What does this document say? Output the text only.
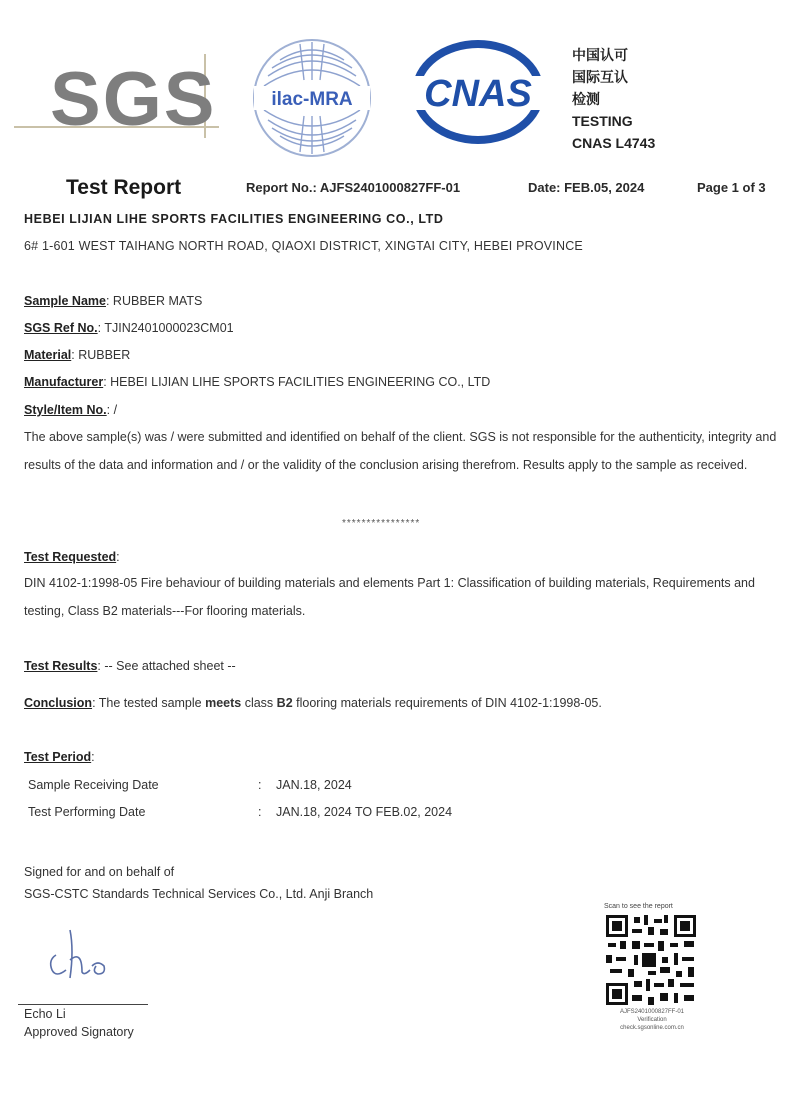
SGS	ilac-MRA CNAS
中国认可
国际互认
检测
TESTING
CNAS L4743
Test Report	Report No.: AJFS2401000827FF-01	Date: FEB.05, 2024	Page 1 of 3
HEBEI LIJIAN LIHE SPORTS FACILITIES ENGINEERING CO., LTD
6# 1-601 WEST TAIHANG NORTH ROAD, QIAOXI DISTRICT, XINGTAI CITY, HEBEI PROVINCE
Sample Name: RUBBER MATS
SGS Ref No.: TJIN2401000023CM01
Material: RUBBER
Manufacturer: HEBEI LIJIAN LIHE SPORTS FACILITIES ENGINEERING CO., LTD
Style/Item No.: /
The above sample(s) was / were submitted and identified on behalf of the client. SGS is not responsible for the authenticity, integrity and results of the data and information and / or the validity of the conclusion arising therefrom. Results apply to the sample as received.
****************
Test Requested:
DIN 4102-1:1998-05 Fire behaviour of building materials and elements Part 1: Classification of building materials, Requirements and testing, Class B2 materials---For flooring materials.
Test Results: -- See attached sheet --
Conclusion: The tested sample meets class B2 flooring materials requirements of DIN 4102-1:1998-05.
Test Period:
Sample Receiving Date	: JAN.18, 2024
Test Performing Date	: JAN.18, 2024 TO FEB.02, 2024
Signed for and on behalf of
SGS-CSTC Standards Technical Services Co., Ltd. Anji Branch
Echo
Echo Li
Approved Signatory
Scan to see the report
AJFS2401000827FF-01
Verification
check.sgsonline.com.cn
